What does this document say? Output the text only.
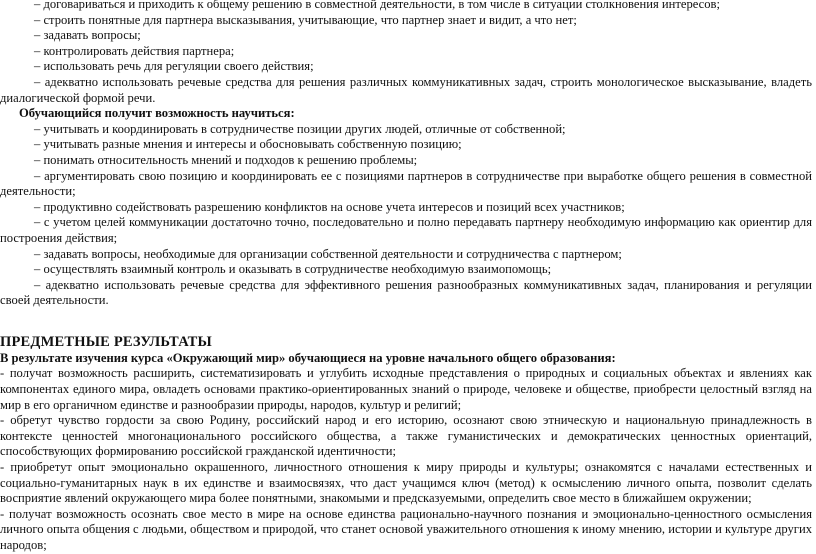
– договариваться и приходить к общему решению в совместной деятельности, в том числе в ситуации столкновения интересов;

– строить понятные для партнера высказывания, учитывающие, что партнер знает и видит, а что нет;

– задавать вопросы;

– контролировать действия партнера;

– использовать речь для регуляции своего действия;

– адекватно использовать речевые средства для решения различных коммуникативных задач, строить монологическое высказывание, владеть диалогической формой речи.

Обучающийся получит возможность научиться:

– учитывать и координировать в сотрудничестве позиции других людей, отличные от собственной;

– учитывать разные мнения и интересы и обосновывать собственную позицию;

– понимать относительность мнений и подходов к решению проблемы;

– аргументировать свою позицию и координировать ее с позициями партнеров в сотрудничестве при выработке общего решения в совместной деятельности;

– продуктивно содействовать разрешению конфликтов на основе учета интересов и позиций всех участников;

– с учетом целей коммуникации достаточно точно, последовательно и полно передавать партнеру необходимую информацию как ориентир для построения действия;

– задавать вопросы, необходимые для организации собственной деятельности и сотрудничества с партнером;

– осуществлять взаимный контроль и оказывать в сотрудничестве необходимую взаимопомощь;

– адекватно использовать речевые средства для эффективного решения разнообразных коммуникативных задач, планирования и регуляции своей деятельности.

ПРЕДМЕТНЫЕ РЕЗУЛЬТАТЫ

В результате изучения курса «Окружающий мир» обучающиеся на уровне начального общего образования:

- получат возможность расширить, систематизировать и углубить исходные представления о природных и социальных объектах и явлениях как компонентах единого мира, овладеть основами практико-ориентированных знаний о природе, человеке и обществе, приобрести целостный взгляд на мир в его органичном единстве и разнообразии природы, народов, культур и религий;

- обретут чувство гордости за свою Родину, российский народ и его историю, осознают свою этническую и национальную принадлежность в контексте ценностей многонационального российского общества, а также гуманистических и демократических ценностных ориентаций, способствующих формированию российской гражданской идентичности;

- приобретут опыт эмоционально окрашенного, личностного отношения к миру природы и культуры; ознакомятся с началами естественных и социально-гуманитарных наук в их единстве и взаимосвязях, что даст учащимся ключ (метод) к осмыслению личного опыта, позволит сделать восприятие явлений окружающего мира более понятными, знакомыми и предсказуемыми, определить свое место в ближайшем окружении;

- получат возможность осознать свое место в мире на основе единства рационально-научного познания и эмоционально-ценностного осмысления личного опыта общения с людьми, обществом и природой, что станет основой уважительного отношения к иному мнению, истории и культуре других народов;
